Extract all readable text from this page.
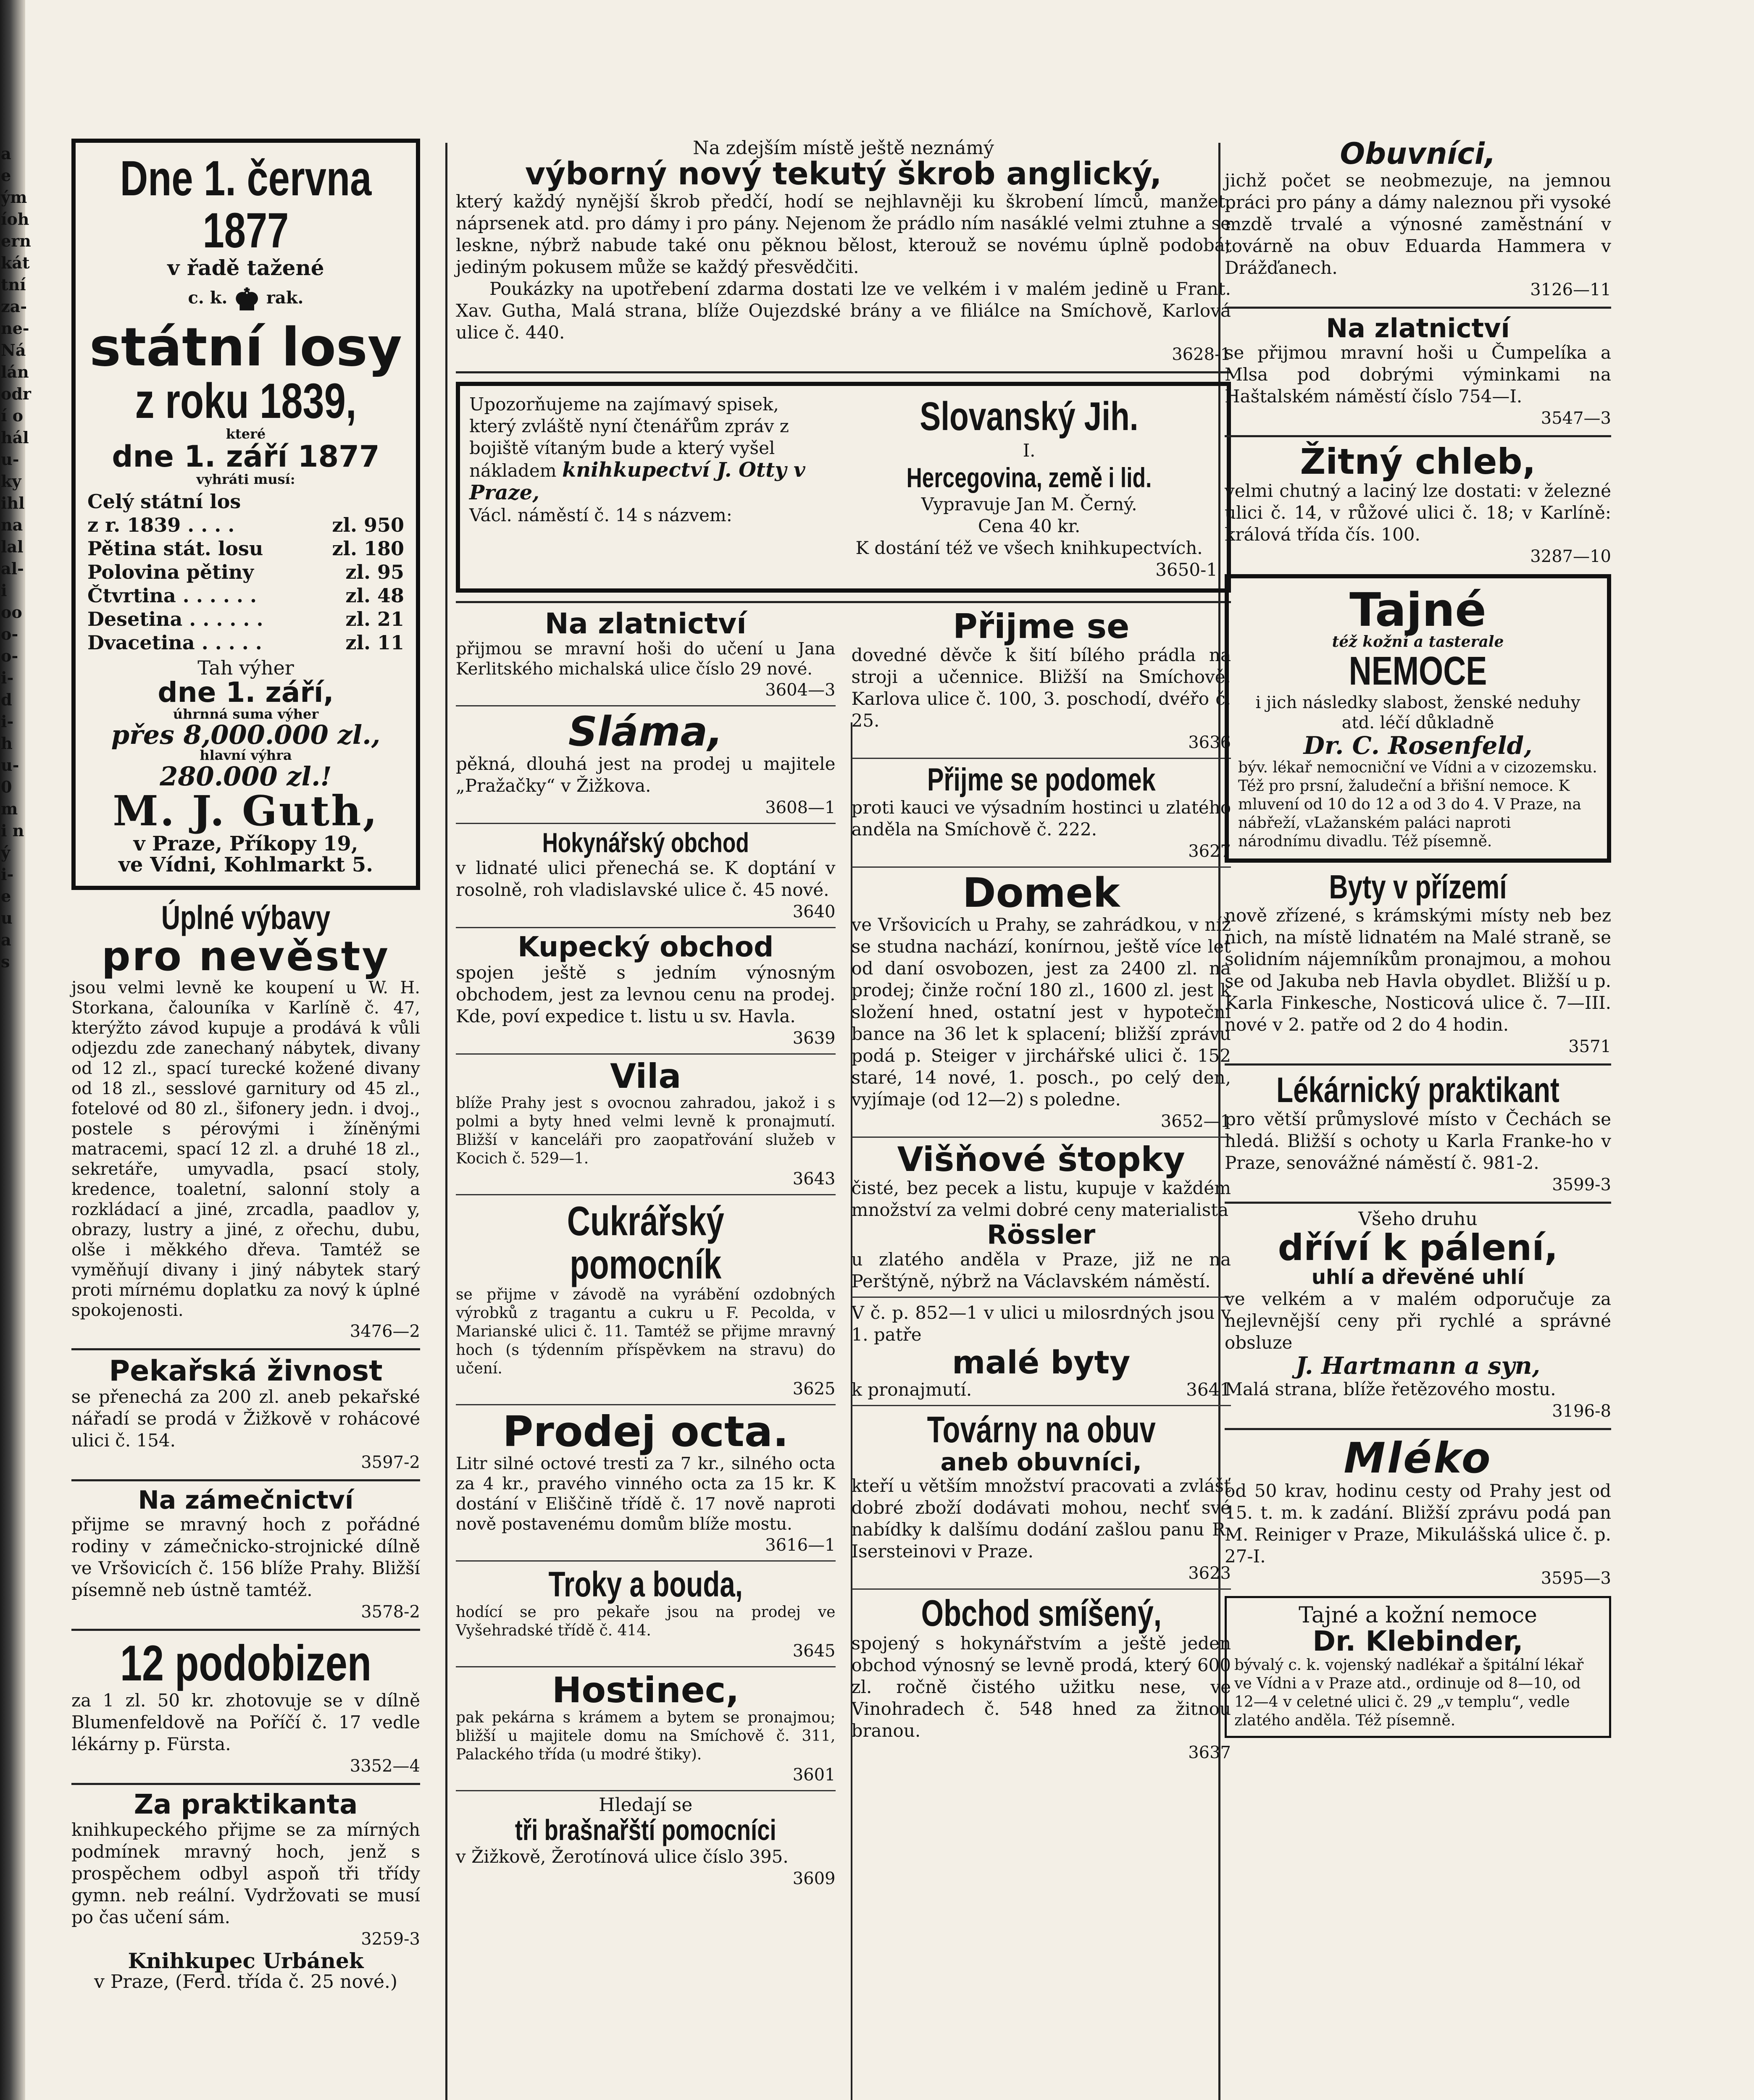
a e ým íoh ern kát tní za- ne- Ná lán odr í o hál u- ky ihl na lal al- i oo o- o- i- d i- h u- 0 m i n ý i- e u a s
Dne 1. června 1877
v řadě tažené
c. k. ♚ rak.
státní losy
z roku 1839,
které
dne 1. září 1877
vyhráti musí:
Celý státní los
z r. 1839 . . . .	zl. 950
Pětina stát. losu	zl. 180
Polovina pětiny	zl. 95
Čtvrtina . . . . . .	zl. 48
Desetina . . . . . .	zl. 21
Dvacetina . . . . .	zl. 11
Tah výher
dne 1. září,
úhrnná suma výher
přes 8,000.000 zl.,
hlavní výhra
280.000 zl.!
M. J. Guth,
v Praze, Příkopy 19,
ve Vídni, Kohlmarkt 5.
Úplné výbavy
pro nevěsty

jsou velmi levně ke koupení u W. H. Storkana, čalouníka v Karlíně č. 47, kterýžto závod kupuje a prodává k vůli odjezdu zde zanechaný nábytek, divany od 12 zl., spací turecké kožené divany od 18 zl., sesslové garnitury od 45 zl., fotelové od 80 zl., šifonery jedn. i dvoj., postele s pérovými i žíněnými matracemi, spací 12 zl. a druhé 18 zl., sekretáře, umyvadla, psací stoly, kredence, toaletní, salonní stoly a rozkládací a jiné, zrcadla, paadlov y, obrazy, lustry a jiné, z ořechu, dubu, olše i měkkého dřeva. Tamtéž se vyměňují divany i jiný nábytek starý proti mírnému doplatku za nový k úplné spokojenosti.

3476—2
Pekařská živnost

se přenechá za 200 zl. aneb pekařské nářadí se prodá v Žižkově v rohácové ulici č. 154.

3597-2
Na zámečnictví

přijme se mravný hoch z pořádné rodiny v zámečnicko-strojnické dílně ve Vršovicích č. 156 blíže Prahy. Bližší písemně neb ústně tamtéž.

3578-2
12 podobizen

za 1 zl. 50 kr. zhotovuje se v dílně Blumenfeldově na Poříčí č. 17 vedle lékárny p. Fürsta.

3352—4
Za praktikanta

knihkupeckého přijme se za mírných podmínek mravný hoch, jenž s prospěchem odbyl aspoň tři třídy gymn. neb reální. Vydržovati se musí po čas učení sám.

3259-3
Knihkupec Urbánek
v Praze, (Ferd. třída č. 25 nové.)
Na zdejším místě ještě neznámý
výborný nový tekutý škrob anglický,

který každý nynější škrob předčí, hodí se nejhlavněji ku škrobení límců, manžet, náprsenek atd. pro dámy i pro pány. Nejenom že prádlo ním nasáklé velmi ztuhne a se leskne, nýbrž nabude také onu pěknou bělost, kterouž se novému úplně podobá; jediným pokusem může se každý přesvědčiti.

Poukázky na upotřebení zdarma dostati lze ve velkém i v malém jedině u Frant. Xav. Gutha, Malá strana, blíže Oujezdské brány a ve filiálce na Smíchově, Karlová ulice č. 440.

3628-1
Upozorňujeme na zajímavý spisek, který zvláště nyní čtenářům zpráv z bojiště vítaným bude a který vyšel nákladem knihkupectví J. Otty v Praze,
Václ. náměstí č. 14 s názvem:
Slovanský Jih.
I.
Hercegovina, země i lid.
Vypravuje Jan M. Černý.
Cena 40 kr.
K dostání též ve všech knihkupectvích.
3650-1
Na zlatnictví

přijmou se mravní hoši do učení u Jana Kerlitského michalská ulice číslo 29 nové.

3604—3
Sláma,

pěkná, dlouhá jest na prodej u majitele „Pražačky“ v Žižkova.

3608—1
Hokynářský obchod

v lidnaté ulici přenechá se. K doptání v rosolně, roh vladislavské ulice č. 45 nové.

3640
Kupecký obchod

spojen ještě s jedním výnosným obchodem, jest za levnou cenu na prodej. Kde, poví expedice t. listu u sv. Havla.

3639
Vila

blíže Prahy jest s ovocnou zahradou, jakož i s polmi a byty hned velmi levně k pronajmutí. Bližší v kanceláři pro zaopatřování služeb v Kocich č. 529—1.

3643
Cukrářský pomocník

se přijme v závodě na vyrábění ozdobných výrobků z tragantu a cukru u F. Pecolda, v Marianské ulici č. 11. Tamtéž se přijme mravný hoch (s týdenním příspěvkem na stravu) do učení.

3625
Prodej octa.

Litr silné octové tresti za 7 kr., silného octa za 4 kr., pravého vinného octa za 15 kr. K dostání v Eliščině třídě č. 17 nově naproti nově postavenému domům blíže mostu.

3616—1
Troky a bouda,

hodící se pro pekaře jsou na prodej ve Vyšehradské třídě č. 414.

3645
Hostinec,

pak pekárna s krámem a bytem se pronajmou; bližší u majitele domu na Smíchově č. 311, Palackého třída (u modré štiky).

3601
Hledají se
tři brašnařští pomocníci

v Žižkově, Žerotínová ulice číslo 395.

3609
Přijme se

dovedné děvče k šití bílého prádla na stroji a učennice. Bližší na Smíchově, Karlova ulice č. 100, 3. poschodí, dvéřo č. 25.

3636
Přijme se podomek

proti kauci ve výsadním hostinci u zlatého anděla na Smíchově č. 222.

3627
Domek

ve Vršovicích u Prahy, se zahrádkou, v níž se studna nachází, konírnou, ještě více let od daní osvobozen, jest za 2400 zl. na prodej; činže roční 180 zl., 1600 zl. jest k složení hned, ostatní jest v hypoteční bance na 36 let k splacení; bližší zprávu podá p. Steiger v jirchářské ulici č. 152 staré, 14 nové, 1. posch., po celý den, vyjímaje (od 12—2) s poledne.

3652—1
Višňové štopky

čisté, bez pecek a listu, kupuje v každém množství za velmi dobré ceny materialista

Rössler

u zlatého anděla v Praze, již ne na Perštýně, nýbrž na Václavském náměstí.

V č. p. 852—1 v ulici u milosrdných jsou v 1. patře

malé byty
k pronajmutí.	3641
Továrny na obuv
aneb obuvníci,

kteří u větším množství pracovati a zvlášť dobré zboží dodávati mohou, nechť své nabídky k dalšímu dodání zašlou panu R. Isersteinovi v Praze.

3623
Obchod smíšený,

spojený s hokynářstvím a ještě jeden obchod výnosný se levně prodá, který 600 zl. ročně čistého užitku nese, ve Vinohradech č. 548 hned za žitnou branou.

3637
Obuvníci,

jichž počet se neobmezuje, na jemnou práci pro pány a dámy naleznou při vysoké mzdě trvalé a výnosné zaměstnání v továrně na obuv Eduarda Hammera v Drážďanech.

3126—11
Na zlatnictví

se přijmou mravní hoši u Čumpelíka a Mlsa pod dobrými výminkami na Haštalském náměstí číslo 754—I.

3547—3
Žitný chleb,

velmi chutný a laciný lze dostati: v železné ulici č. 14, v růžové ulici č. 18; v Karlíně: králová třída čís. 100.

3287—10
Tajné
též kožní a tasterale
NEMOCE

i jich následky slabost, ženské neduhy atd. léčí důkladně

Dr. C. Rosenfeld,

býv. lékař nemocniční ve Vídni a v cizozemsku. Též pro prsní, žaludeční a břišní nemoce. K mluvení od 10 do 12 a od 3 do 4. V Praze, na nábřeží, vLažanském paláci naproti národnímu divadlu. Též písemně.

Byty v přízemí

nově zřízené, s krámskými místy neb bez nich, na místě lidnatém na Malé straně, se solidním nájemníkům pronajmou, a mohou se od Jakuba neb Havla obydlet. Bližší u p. Karla Finkesche, Nosticová ulice č. 7—III. nové v 2. patře od 2 do 4 hodin.

3571
Lékárnický praktikant

pro větší průmyslové místo v Čechách se hledá. Bližší s ochoty u Karla Franke-ho v Praze, senovážné náměstí č. 981-2.

3599-3
Všeho druhu
dříví k pálení,
uhlí a dřevěné uhlí

ve velkém a v malém odporučuje za nejlevnější ceny při rychlé a správné obsluze

J. Hartmann a syn,

Malá strana, blíže řetězového mostu.

3196-8
Mléko

od 50 krav, hodinu cesty od Prahy jest od 15. t. m. k zadání. Bližší zprávu podá pan M. Reiniger v Praze, Mikulášská ulice č. p. 27-I.

3595—3
Tajné a kožní nemoce
Dr. Klebinder,

bývalý c. k. vojenský nadlékař a špitální lékař ve Vídni a v Praze atd., ordinuje od 8—10, od 12—4 v celetné ulici č. 29 „v templu“, vedle zlatého anděla. Též písemně.
